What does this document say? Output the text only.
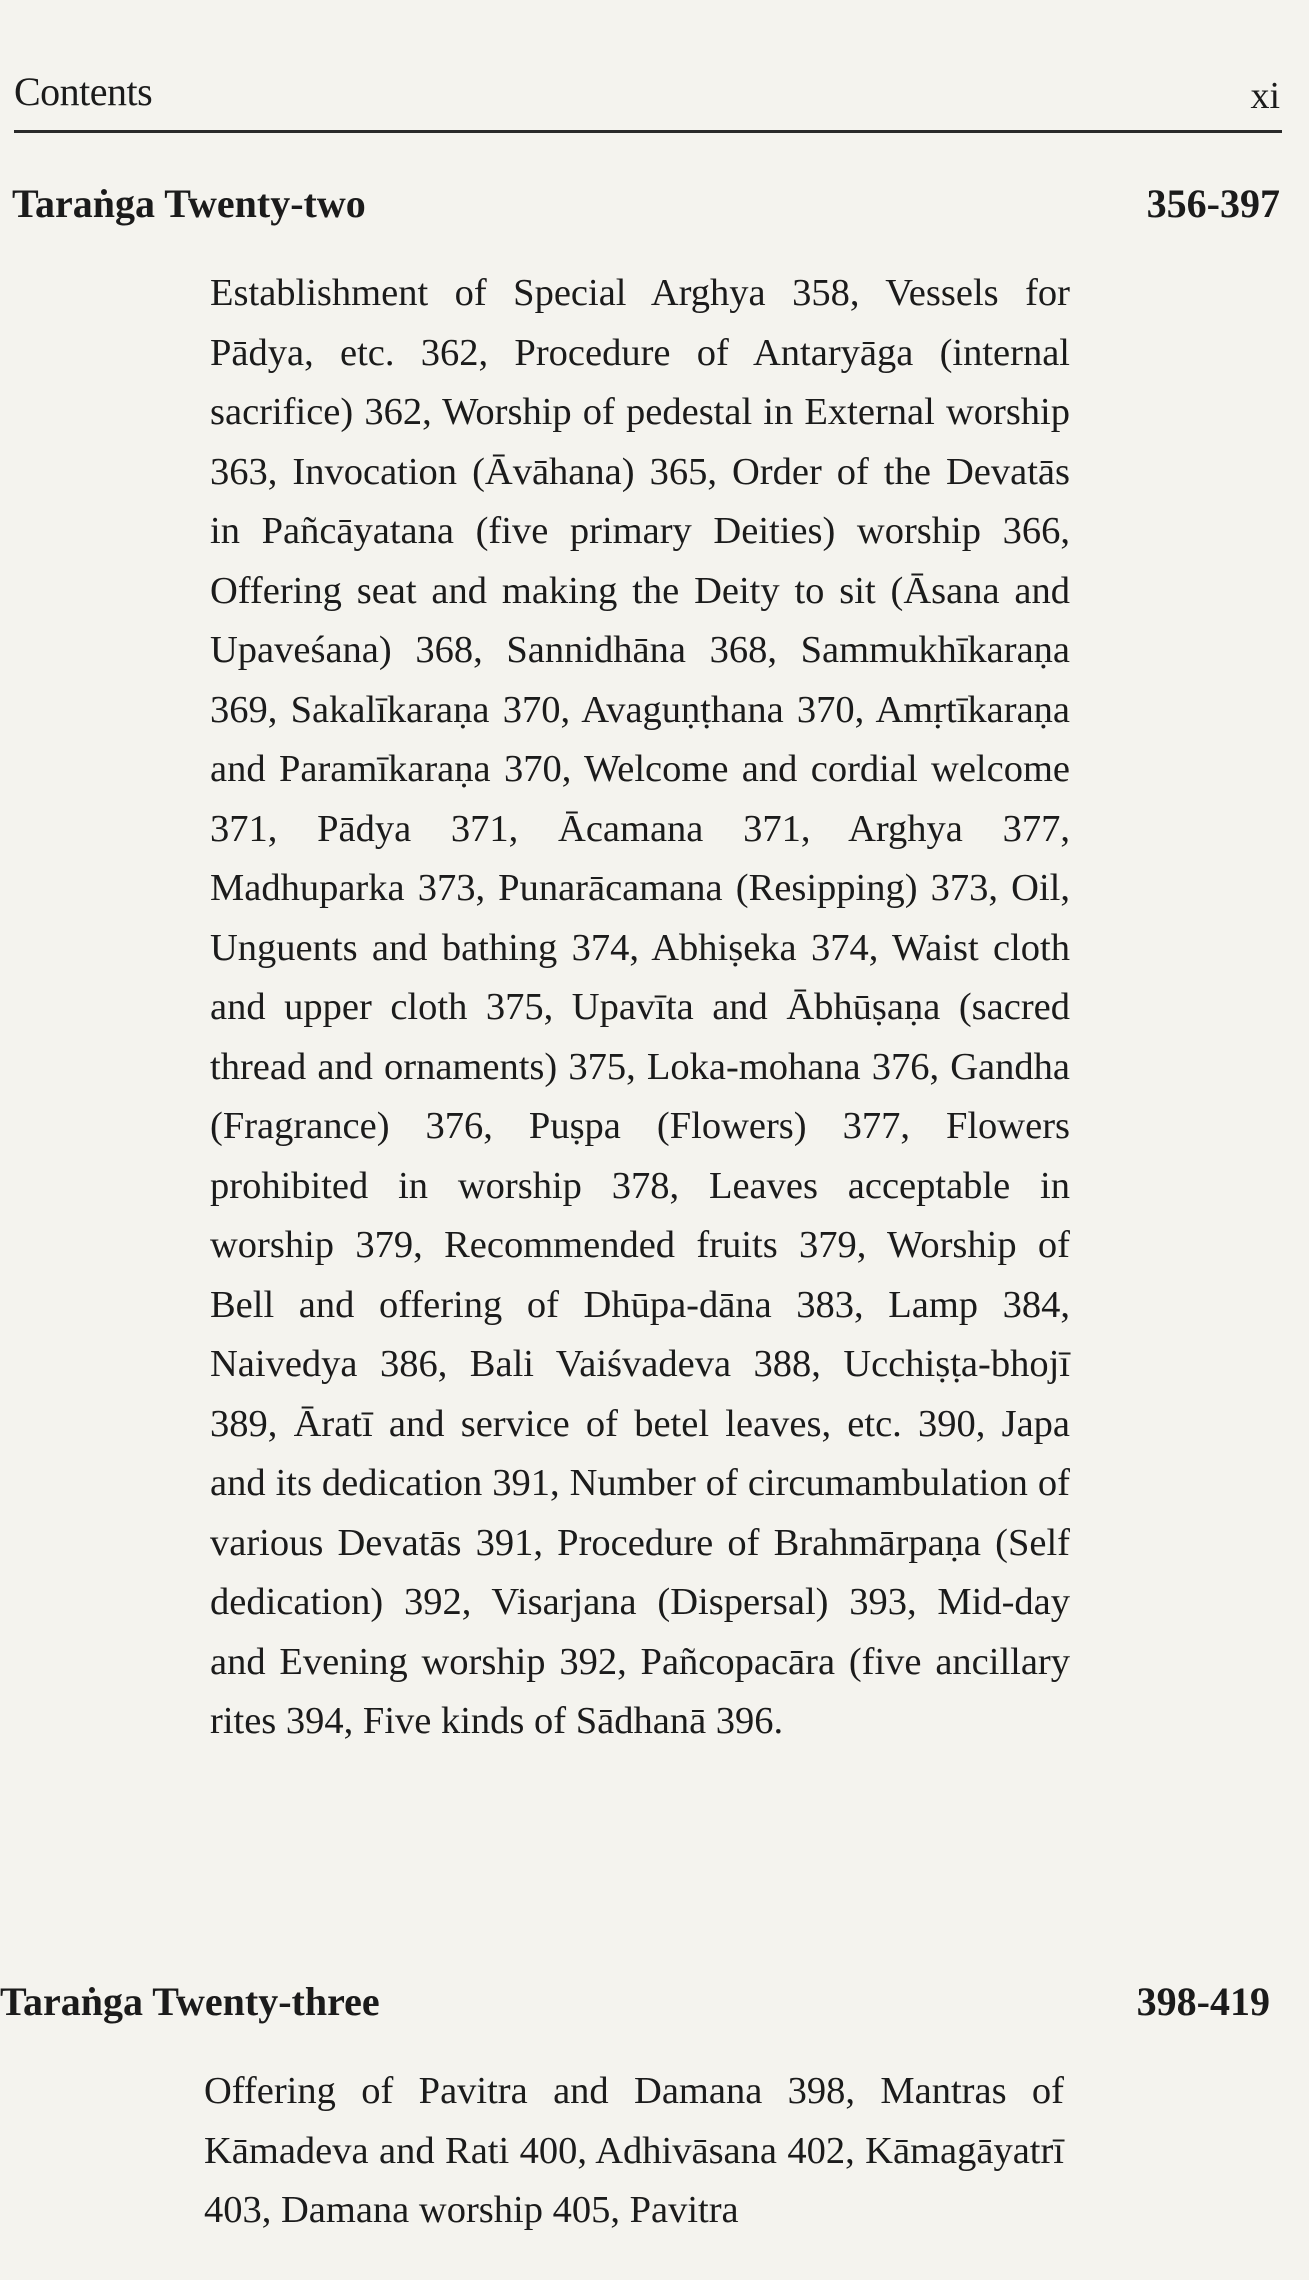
Contents	xi
Taraṅga Twenty-two	356-397
Establishment of Special Arghya 358, Vessels for Pādya, etc. 362, Procedure of Antaryāga (internal sacrifice) 362, Worship of pedestal in External worship 363, Invocation (Āvāhana) 365, Order of the Devatās in Pañcāyatana (five primary Deities) worship 366, Offering seat and making the Deity to sit (Āsana and Upaveśana) 368, Sannidhāna 368, Sammukhīkaraṇa 369, Sakalīkaraṇa 370, Avaguṇṭhana 370, Amṛtīkaraṇa and Paramīkaraṇa 370, Welcome and cordial welcome 371, Pādya 371, Ācamana 371, Arghya 377, Madhuparka 373, Punarācamana (Resipping) 373, Oil, Unguents and bathing 374, Abhiṣeka 374, Waist cloth and upper cloth 375, Upavīta and Ābhūṣaṇa (sacred thread and ornaments) 375, Loka-mohana 376, Gandha (Fragrance) 376, Puṣpa (Flowers) 377, Flowers prohibited in worship 378, Leaves acceptable in worship 379, Recommended fruits 379, Worship of Bell and offering of Dhūpa-dāna 383, Lamp 384, Naivedya 386, Bali Vaiśvadeva 388, Ucchiṣṭa-bhojī 389, Āratī and service of betel leaves, etc. 390, Japa and its dedication 391, Number of circumambulation of various Devatās 391, Procedure of Brahmārpaṇa (Self dedication) 392, Visarjana (Dispersal) 393, Mid-day and Evening worship 392, Pañcopacāra (five ancillary rites 394, Five kinds of Sādhanā 396.
Taraṅga Twenty-three	398-419
Offering of Pavitra and Damana 398, Mantras of Kāmadeva and Rati 400, Adhivāsana 402, Kāmagāyatrī 403, Damana worship 405, Pavitra
